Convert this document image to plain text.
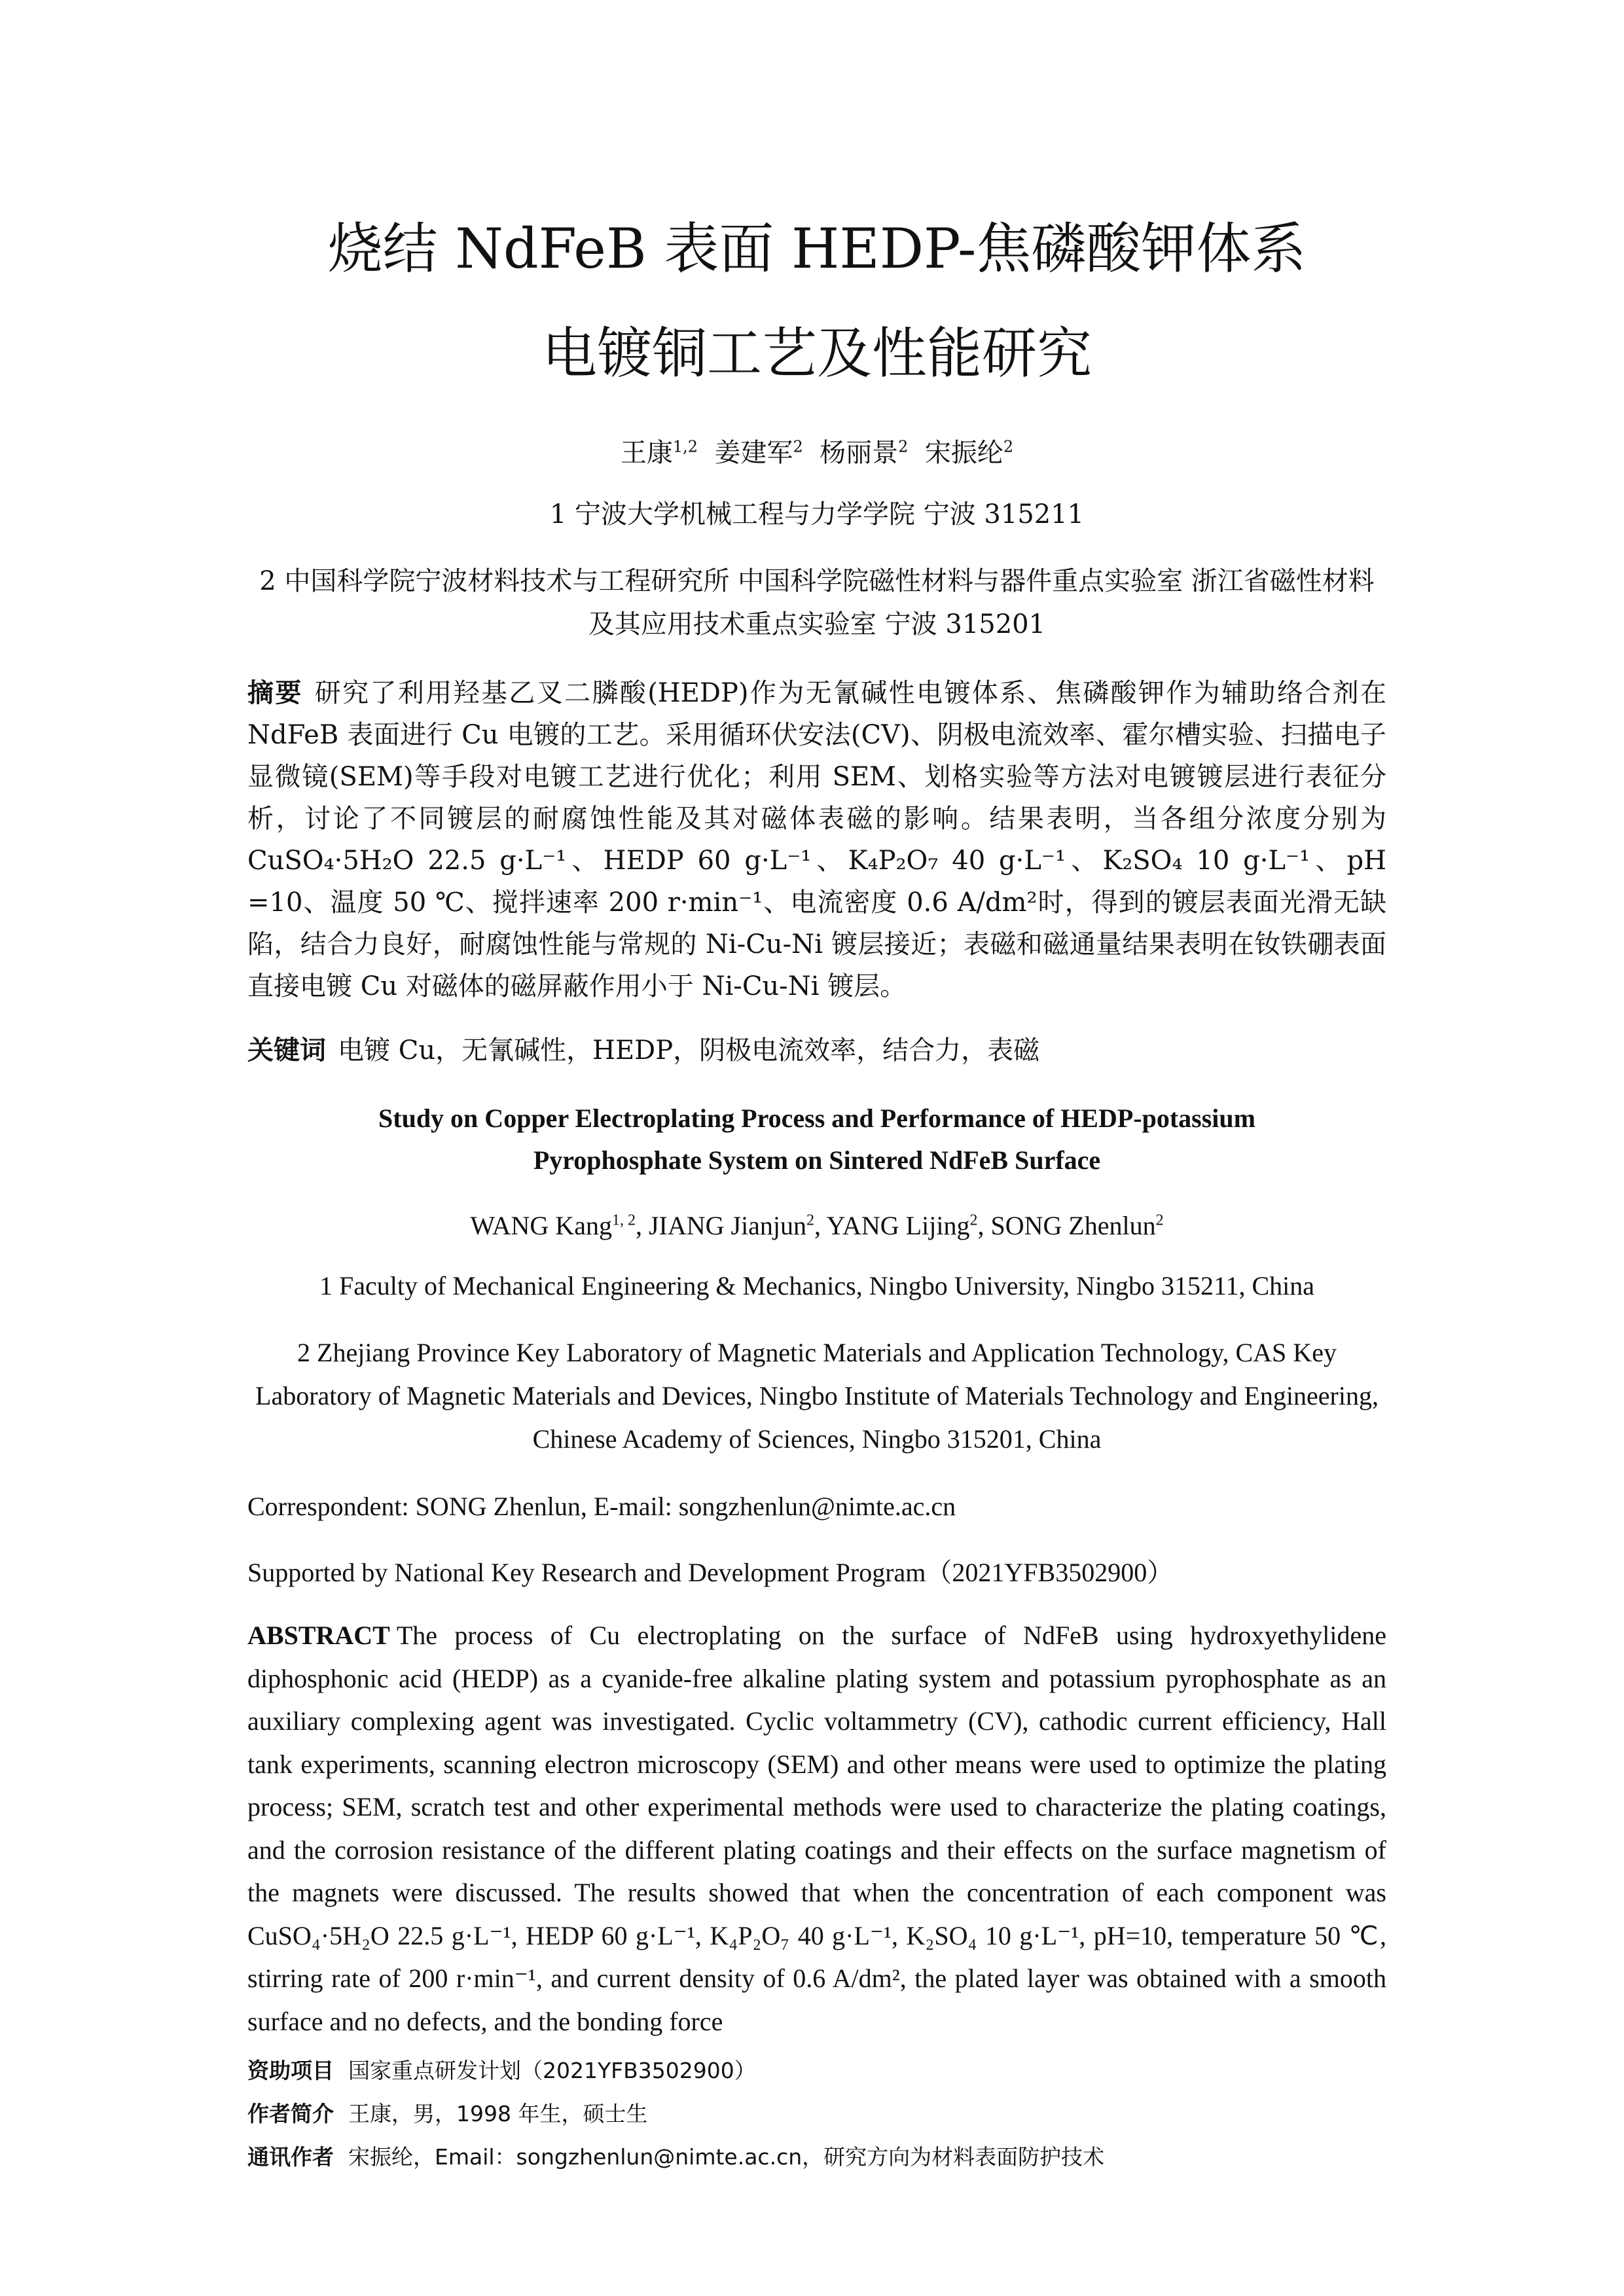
烧结 NdFeB 表面 HEDP-焦磷酸钾体系
电镀铜工艺及性能研究
王康$^{1,2}$ 姜建军$^2$ 杨丽景$^2$ 宋振纶$^2$
1 宁波大学机械工程与力学学院 宁波 315211
2 中国科学院宁波材料技术与工程研究所 中国科学院磁性材料与器件重点实验室 浙江省磁性材料及其应用技术重点实验室 宁波 315201
摘要 研究了利用羟基乙叉二膦酸(HEDP)作为无氰碱性电镀体系、焦磷酸钾作为辅助络合剂在 NdFeB 表面进行 Cu 电镀的工艺。采用循环伏安法(CV)、阴极电流效率、霍尔槽实验、扫描电子显微镜(SEM)等手段对电镀工艺进行优化；利用 SEM、划格实验等方法对电镀镀层进行表征分析，讨论了不同镀层的耐腐蚀性能及其对磁体表磁的影响。结果表明，当各组分浓度分别为 CuSO₄·5H₂O 22.5 g·L⁻¹、HEDP 60 g·L⁻¹、K₄P₂O₇ 40 g·L⁻¹、K₂SO₄ 10 g·L⁻¹、pH =10、温度 50 ℃、搅拌速率 200 r·min⁻¹、电流密度 0.6 A/dm²时，得到的镀层表面光滑无缺陷，结合力良好，耐腐蚀性能与常规的 Ni-Cu-Ni 镀层接近；表磁和磁通量结果表明在钕铁硼表面直接电镀 Cu 对磁体的磁屏蔽作用小于 Ni-Cu-Ni 镀层。
关键词 电镀 Cu，无氰碱性，HEDP，阴极电流效率，结合力，表磁
Study on Copper Electroplating Process and Performance of HEDP-potassium
Pyrophosphate System on Sintered NdFeB Surface
WANG Kang$^{1, 2}$, JIANG Jianjun$^2$, YANG Lijing$^2$, SONG Zhenlun$^2$
1 Faculty of Mechanical Engineering & Mechanics, Ningbo University, Ningbo 315211, China
2 Zhejiang Province Key Laboratory of Magnetic Materials and Application Technology, CAS Key Laboratory of Magnetic Materials and Devices, Ningbo Institute of Materials Technology and Engineering, Chinese Academy of Sciences, Ningbo 315201, China
Correspondent: SONG Zhenlun, E-mail: songzhenlun@nimte.ac.cn
Supported by National Key Research and Development Program（2021YFB3502900）
ABSTRACT The process of Cu electroplating on the surface of NdFeB using hydroxyethylidene diphosphonic acid (HEDP) as a cyanide-free alkaline plating system and potassium pyrophosphate as an auxiliary complexing agent was investigated. Cyclic voltammetry (CV), cathodic current efficiency, Hall tank experiments, scanning electron microscopy (SEM) and other means were used to optimize the plating process; SEM, scratch test and other experimental methods were used to characterize the plating coatings, and the corrosion resistance of the different plating coatings and their effects on the surface magnetism of the magnets were discussed. The results showed that when the concentration of each component was CuSO₄·5H₂O 22.5 g·L⁻¹, HEDP 60 g·L⁻¹, K₄P₂O₇ 40 g·L⁻¹, K₂SO₄ 10 g·L⁻¹, pH=10, temperature 50 ℃, stirring rate of 200 r·min⁻¹, and current density of 0.6 A/dm², the plated layer was obtained with a smooth surface and no defects, and the bonding force
资助项目 国家重点研发计划（2021YFB3502900）
作者简介 王康，男，1998 年生，硕士生
通讯作者 宋振纶，Email：songzhenlun@nimte.ac.cn，研究方向为材料表面防护技术
